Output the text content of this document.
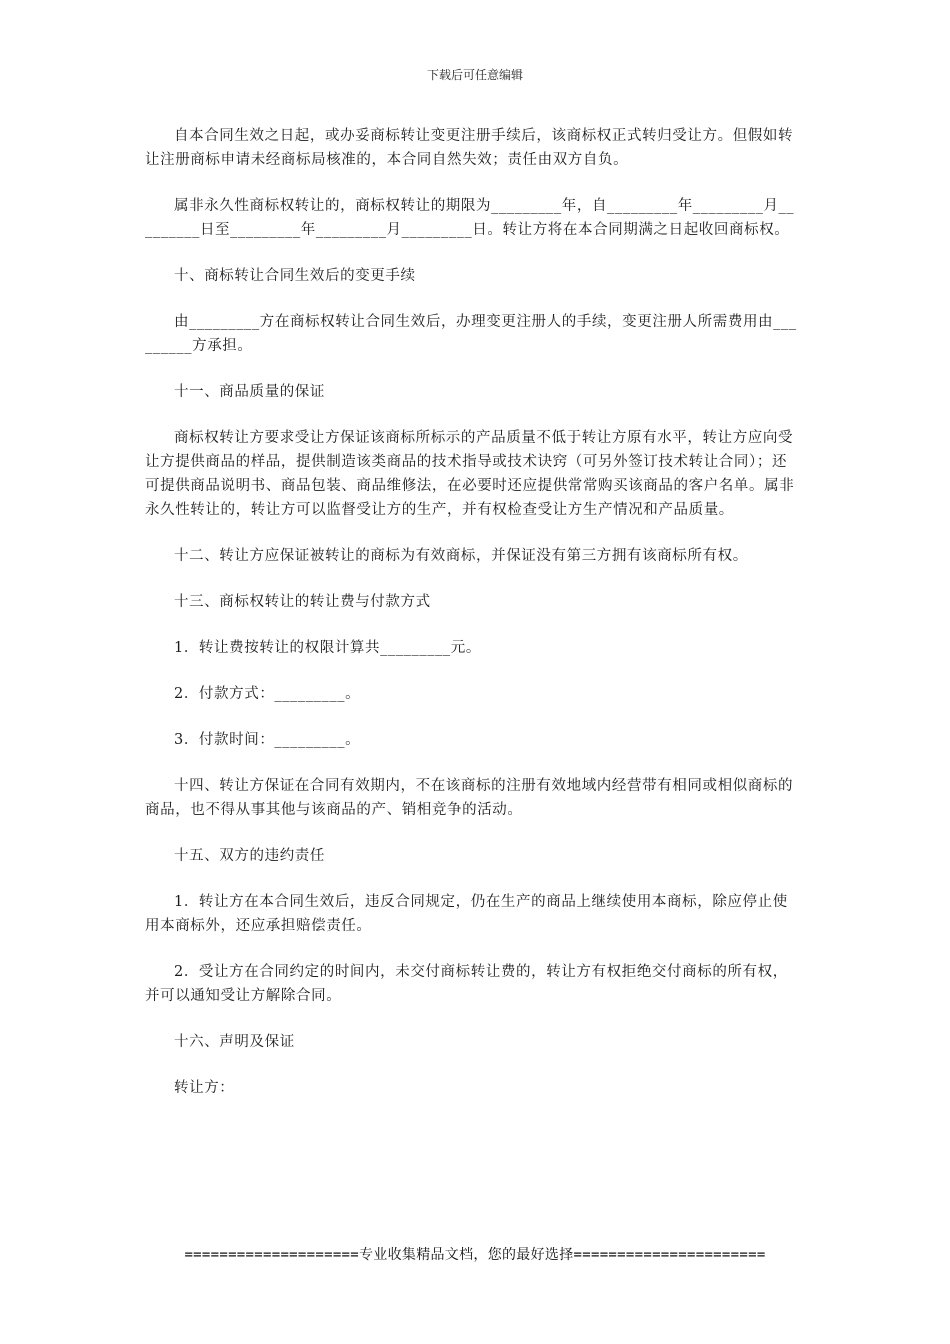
下载后可任意编辑

自本合同生效之日起，或办妥商标转让变更注册手续后，该商标权正式转归受让方。但假如转让注册商标申请未经商标局核准的，本合同自然失效；责任由双方自负。

属非永久性商标权转让的，商标权转让的期限为_________年，自_________年_________月_________日至_________年_________月_________日。转让方将在本合同期满之日起收回商标权。

十、商标转让合同生效后的变更手续

由_________方在商标权转让合同生效后，办理变更注册人的手续，变更注册人所需费用由_________方承担。

十一、商品质量的保证

商标权转让方要求受让方保证该商标所标示的产品质量不低于转让方原有水平，转让方应向受让方提供商品的样品，提供制造该类商品的技术指导或技术诀窍（可另外签订技术转让合同）；还可提供商品说明书、商品包装、商品维修法，在必要时还应提供常常购买该商品的客户名单。属非永久性转让的，转让方可以监督受让方的生产，并有权检查受让方生产情况和产品质量。

十二、转让方应保证被转让的商标为有效商标，并保证没有第三方拥有该商标所有权。

十三、商标权转让的转让费与付款方式

1．转让费按转让的权限计算共_________元。

2．付款方式：_________。

3．付款时间：_________。

十四、转让方保证在合同有效期内，不在该商标的注册有效地域内经营带有相同或相似商标的商品，也不得从事其他与该商品的产、销相竞争的活动。

十五、双方的违约责任

1．转让方在本合同生效后，违反合同规定，仍在生产的商品上继续使用本商标，除应停止使用本商标外，还应承担赔偿责任。

2．受让方在合同约定的时间内，未交付商标转让费的，转让方有权拒绝交付商标的所有权，并可以通知受让方解除合同。

十六、声明及保证

转让方：

====================专业收集精品文档，您的最好选择======================
